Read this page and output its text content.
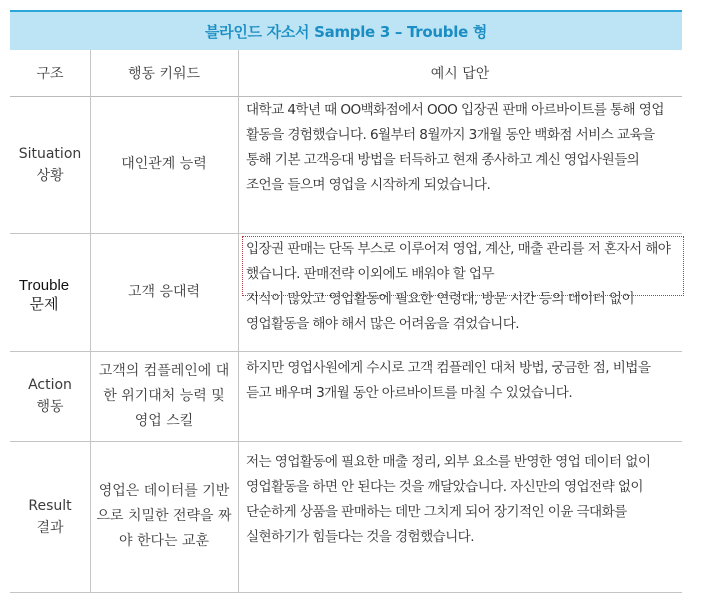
블라인드 자소서 Sample 3 – Trouble 형
구조	행동 키워드	예시 답안
Situation
상황
대인관계 능력

대학교 4학년 때 OO백화점에서 OOO 입장권 판매 아르바이트를 통해 영업 활동을 경험했습니다. 6월부터 8월까지 3개월 동안 백화점 서비스 교육을 통해 기본 고객응대 방법을 터득하고 현재 종사하고 계신 영업사원들의 조언을 들으며 영업을 시작하게 되었습니다.

고객 응대력

입장권 판매는 단독 부스로 이루어져 영업, 계산, 매출 관리를 저 혼자서 해야 했습니다. 판매전략 이외에도 배워야 할 업무

지식이 많았고 영업활동에 필요한 연령대, 방문 시간 등의 데이터 없이 영업활동을 해야 해서 많은 어려움을 겪었습니다.

Action
행동
고객의 컴플레인에 대한 위기대처 능력 및 영업 스킬

하지만 영업사원에게 수시로 고객 컴플레인 대처 방법, 궁금한 점, 비법을 듣고 배우며 3개월 동안 아르바이트를 마칠 수 있었습니다.

Result
결과
영업은 데이터를 기반으로 치밀한 전략을 짜야 한다는 교훈

저는 영업활동에 필요한 매출 정리, 외부 요소를 반영한 영업 데이터 없이 영업활동을 하면 안 된다는 것을 깨달았습니다. 자신만의 영업전략 없이 단순하게 상품을 판매하는 데만 그치게 되어 장기적인 이윤 극대화를 실현하기가 힘들다는 것을 경험했습니다.

Trouble
문제
